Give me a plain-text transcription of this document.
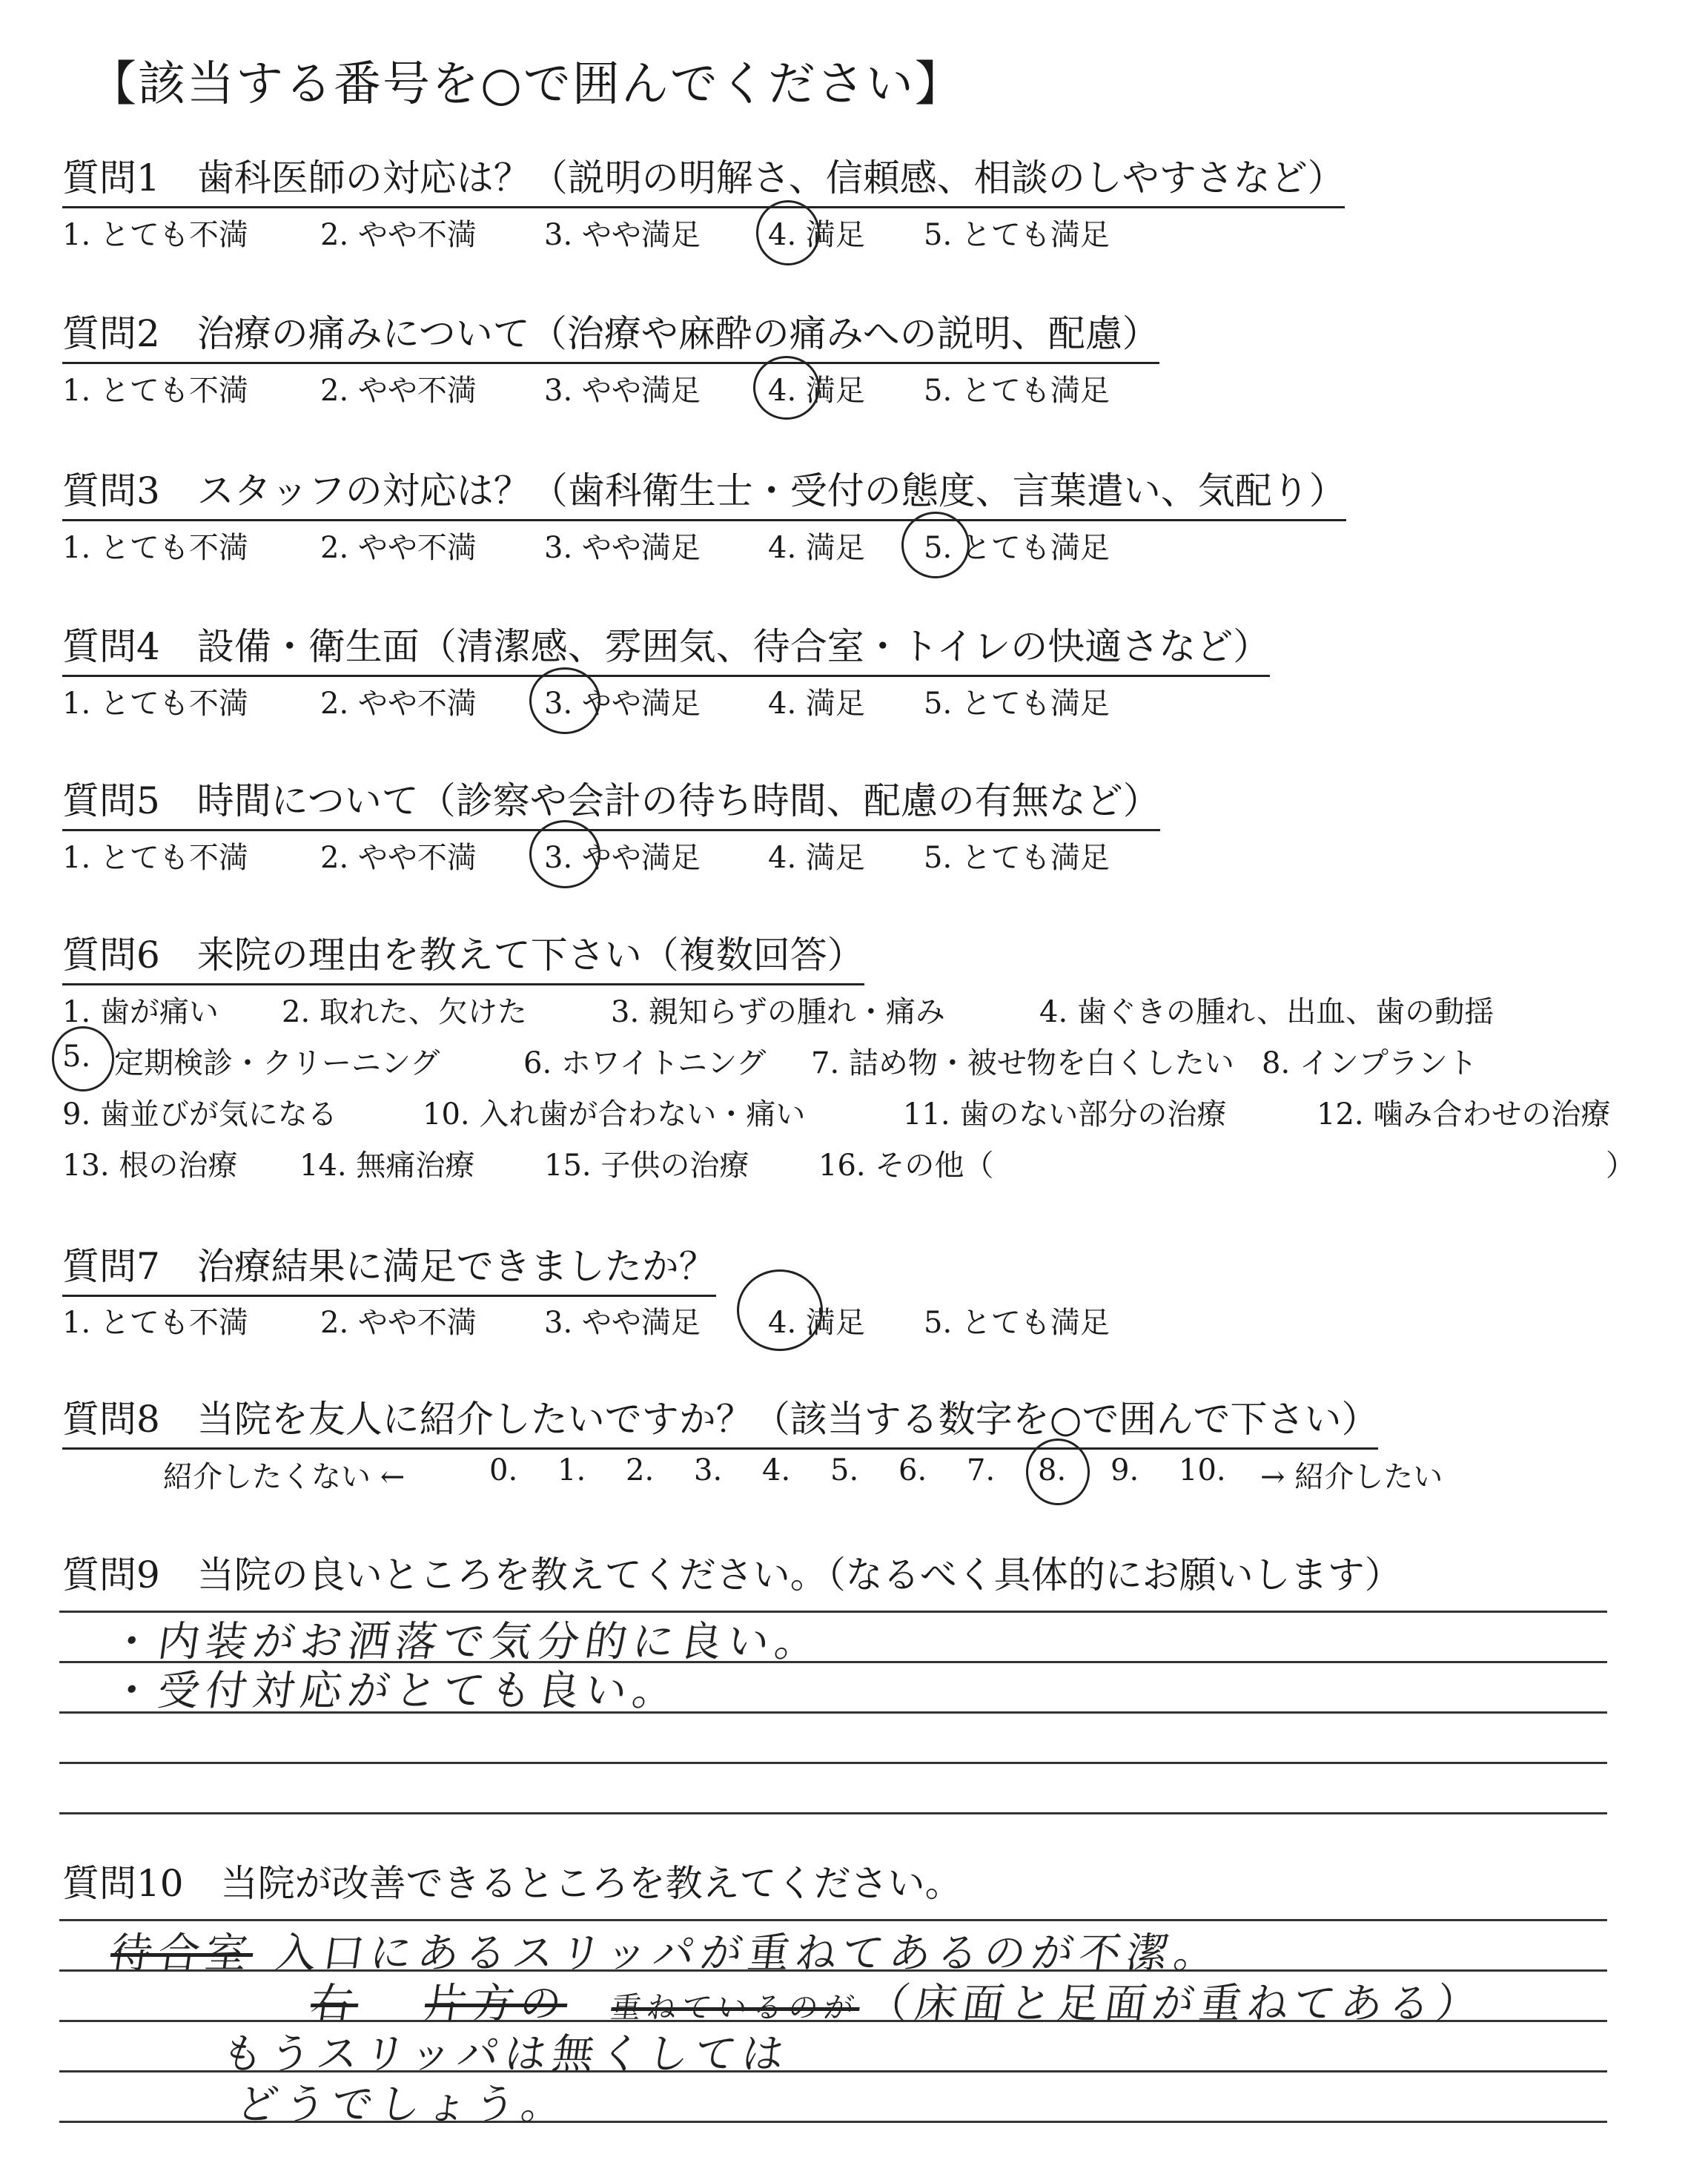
【該当する番号を○で囲んでください】
質問1　歯科医師の対応は？（説明の明解さ、信頼感、相談のしやすさなど）
1. とても不満 2. やや不満 3. やや満足 4. 満足 5. とても満足
質問2　治療の痛みについて（治療や麻酔の痛みへの説明、配慮）
1. とても不満 2. やや不満 3. やや満足 4. 満足 5. とても満足
質問3　スタッフの対応は？（歯科衛生士・受付の態度、言葉遣い、気配り）
1. とても不満 2. やや不満 3. やや満足 4. 満足 5. とても満足
質問4　設備・衛生面（清潔感、雰囲気、待合室・トイレの快適さなど）
1. とても不満 2. やや不満 3. やや満足 4. 満足 5. とても満足
質問5　時間について（診察や会計の待ち時間、配慮の有無など）
1. とても不満 2. やや不満 3. やや満足 4. 満足 5. とても満足
質問6　来院の理由を教えて下さい（複数回答）
1. 歯が痛い 2. 取れた、欠けた	3. 親知らずの腫れ・痛み	4. 歯ぐきの腫れ、出血、歯の動揺
5. 定期検診・クリーニング	6. ホワイトニング 7. 詰め物・被せ物を白くしたい 8. インプラント
9. 歯並びが気になる	10. 入れ歯が合わない・痛い	11. 歯のない部分の治療	12. 噛み合わせの治療
13. 根の治療 14. 無痛治療 15. 子供の治療 16. その他（	）
質問7　治療結果に満足できましたか？
1. とても不満 2. やや不満 3. やや満足 4. 満足 5. とても満足
質問8　当院を友人に紹介したいですか？（該当する数字を○で囲んで下さい）
紹介したくない ←	0. 1. 2. 3. 4. 5. 6. 7. 8. 9. 10. → 紹介したい
質問9　当院の良いところを教えてください。（なるべく具体的にお願いします）
・内装がお洒落で気分的に良い。
・受付対応がとても良い。
質問10　当院が改善できるところを教えてください。
待合室 入口にあるスリッパが重ねてあるのが不潔。
右 片方の 重ねているのが（床面と足面が重ねてある）
もうスリッパは無くしては
どうでしょう。
